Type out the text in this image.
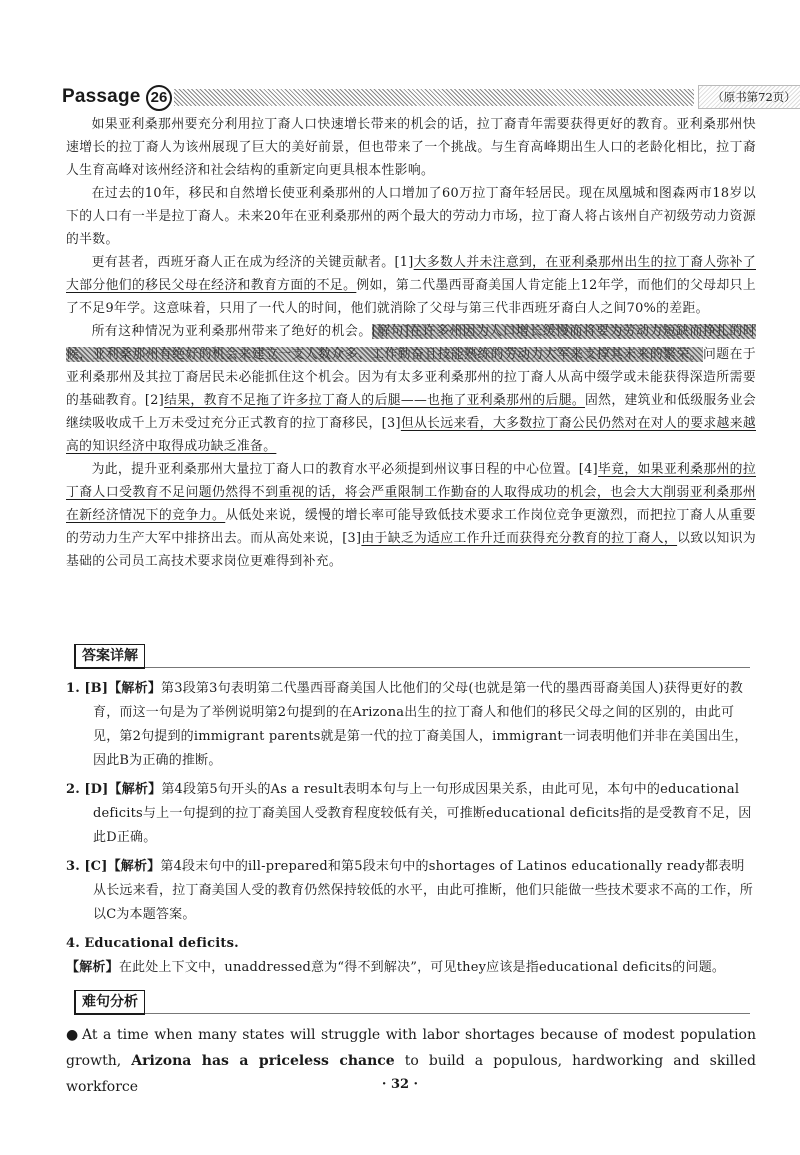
Passage 26	（原书第72页）

如果亚利桑那州要充分利用拉丁裔人口快速增长带来的机会的话，拉丁裔青年需要获得更好的教育。亚利桑那州快速增长的拉丁裔人为该州展现了巨大的美好前景，但也带来了一个挑战。与生育高峰期出生人口的老龄化相比，拉丁裔人生育高峰对该州经济和社会结构的重新定向更具根本性影响。

在过去的10年，移民和自然增长使亚利桑那州的人口增加了60万拉丁裔年轻居民。现在凤凰城和图森两市18岁以下的人口有一半是拉丁裔人。未来20年在亚利桑那州的两个最大的劳动力市场，拉丁裔人将占该州自产初级劳动力资源的半数。

更有甚者，西班牙裔人正在成为经济的关键贡献者。[1]大多数人并未注意到，在亚利桑那州出生的拉丁裔人弥补了大部分他们的移民父母在经济和教育方面的不足。例如，第二代墨西哥裔美国人肯定能上12年学，而他们的父母却只上了不足9年学。这意味着，只用了一代人的时间，他们就消除了父母与第三代非西班牙裔白人之间70%的差距。

所有这种情况为亚利桑那州带来了绝好的机会。[解句]在许多州因为人口增长缓慢而将要为劳动力短缺而挣扎的时候，亚利桑那州有绝好的机会来建立一支人数众多、工作勤奋且技能熟练的劳动力大军来支撑其未来的繁荣。问题在于亚利桑那州及其拉丁裔居民未必能抓住这个机会。因为有太多亚利桑那州的拉丁裔人从高中缀学或未能获得深造所需要的基础教育。[2]结果，教育不足拖了许多拉丁裔人的后腿——也拖了亚利桑那州的后腿。固然，建筑业和低级服务业会继续吸收成千上万未受过充分正式教育的拉丁裔移民，[3]但从长远来看，大多数拉丁裔公民仍然对在对人的要求越来越高的知识经济中取得成功缺乏准备。

为此，提升亚利桑那州大量拉丁裔人口的教育水平必须提到州议事日程的中心位置。[4]毕竟，如果亚利桑那州的拉丁裔人口受教育不足问题仍然得不到重视的话，将会严重限制工作勤奋的人取得成功的机会，也会大大削弱亚利桑那州在新经济情况下的竞争力。从低处来说，缓慢的增长率可能导致低技术要求工作岗位竞争更激烈，而把拉丁裔人从重要的劳动力生产大军中排挤出去。而从高处来说，[3]由于缺乏为适应工作升迁而获得充分教育的拉丁裔人，以致以知识为基础的公司员工高技术要求岗位更难得到补充。

答案详解
1. [B]【解析】第3段第3句表明第二代墨西哥裔美国人比他们的父母(也就是第一代的墨西哥裔美国人)获得更好的教育，而这一句是为了举例说明第2句提到的在Arizona出生的拉丁裔人和他们的移民父母之间的区别的，由此可见，第2句提到的immigrant parents就是第一代的拉丁裔美国人，immigrant一词表明他们并非在美国出生，因此B为正确的推断。
2. [D]【解析】第4段第5句开头的As a result表明本句与上一句形成因果关系，由此可见，本句中的educational deficits与上一句提到的拉丁裔美国人受教育程度较低有关，可推断educational deficits指的是受教育不足，因此D正确。
3. [C]【解析】第4段末句中的ill-prepared和第5段末句中的shortages of Latinos educationally ready都表明从长远来看，拉丁裔美国人受的教育仍然保持较低的水平，由此可推断，他们只能做一些技术要求不高的工作，所以C为本题答案。
4. Educational deficits.
【解析】在此处上下文中，unaddressed意为“得不到解决”，可见they应该是指educational deficits的问题。
难句分析
● At a time when many states will struggle with labor shortages because of modest population growth, Arizona has a priceless chance to build a populous, hardworking and skilled workforce	· 32 ·
